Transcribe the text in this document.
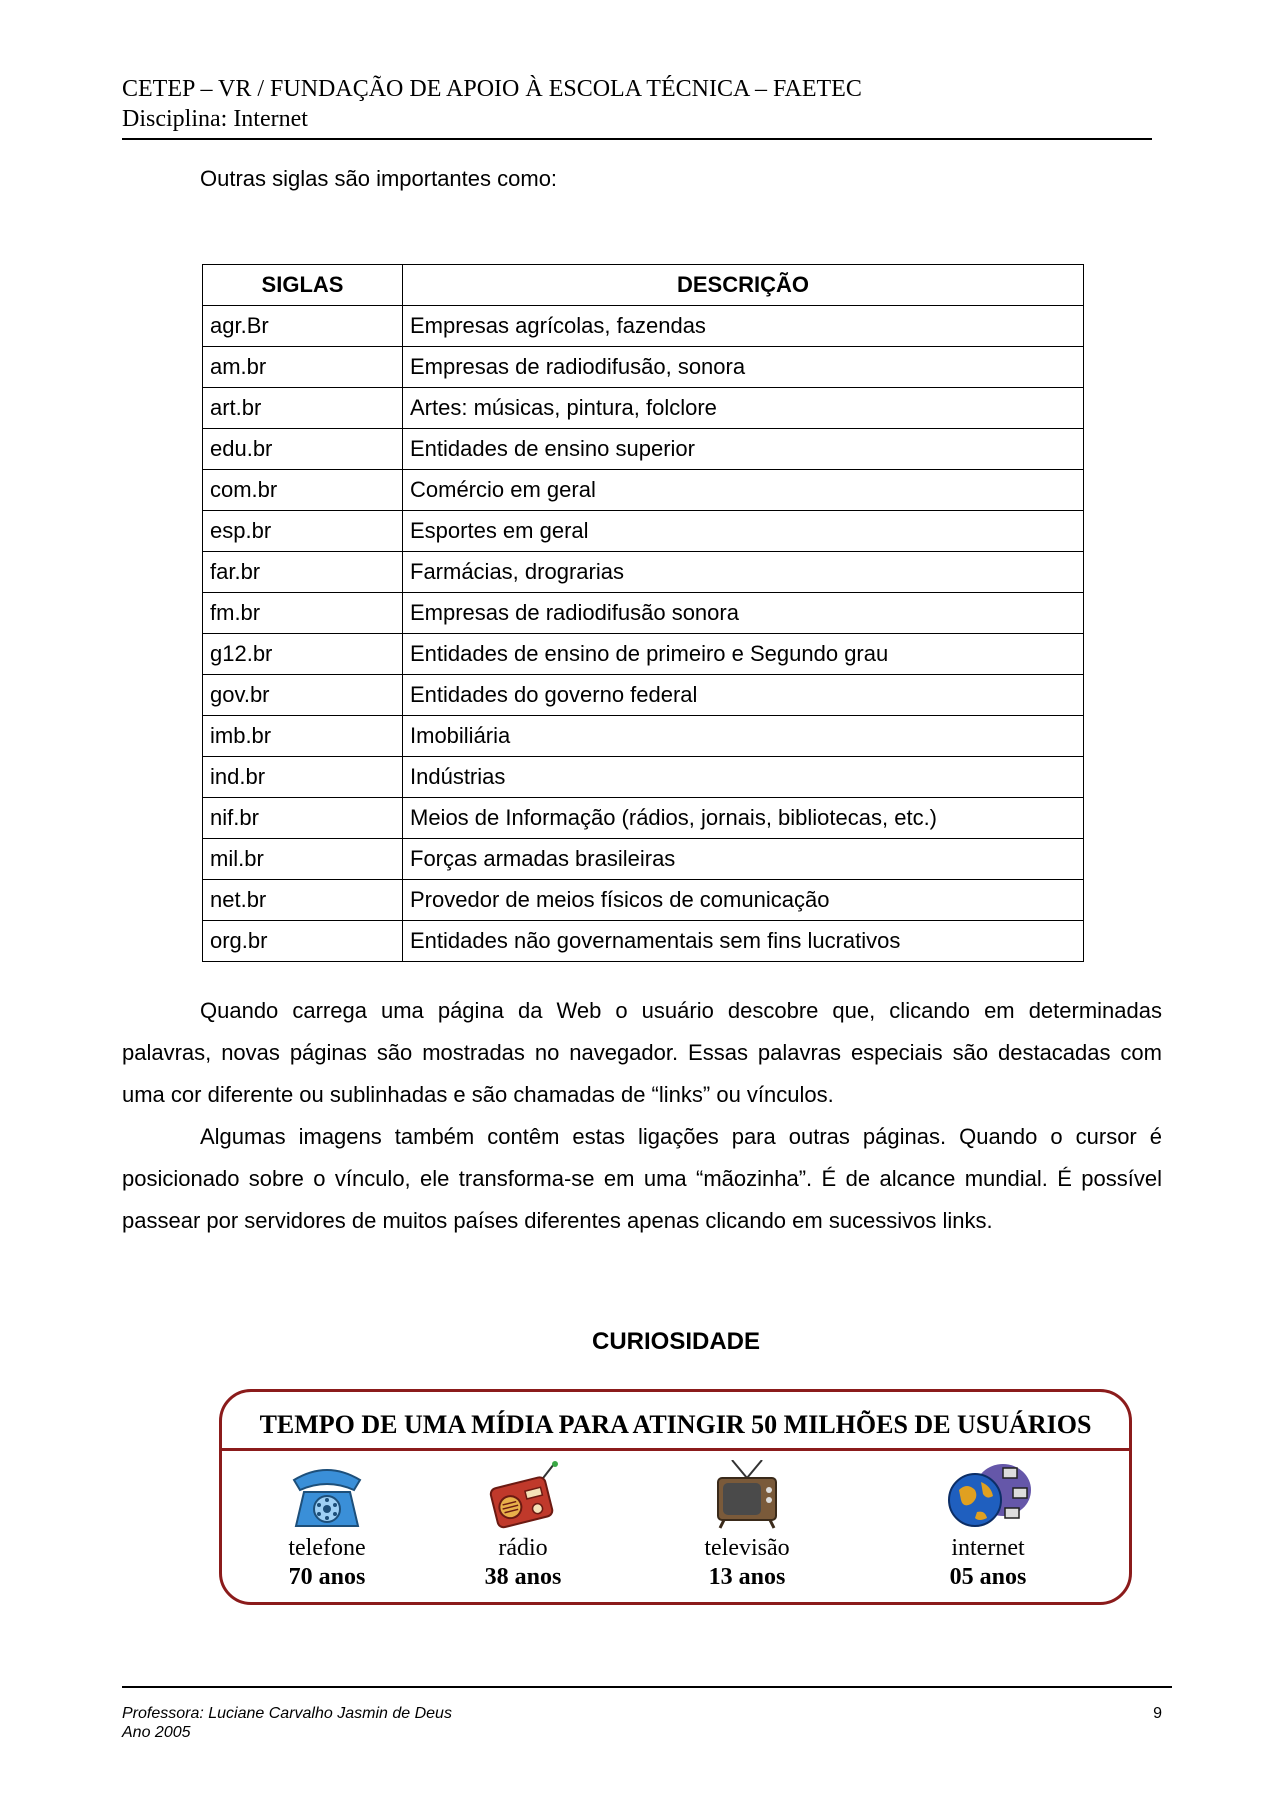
CETEP – VR / FUNDAÇÃO DE APOIO À ESCOLA TÉCNICA – FAETEC
Disciplina: Internet
Outras siglas são importantes como:
SIGLAS	DESCRIÇÃO
agr.Br	Empresas agrícolas, fazendas
am.br	Empresas de radiodifusão, sonora
art.br	Artes: músicas, pintura, folclore
edu.br	Entidades de ensino superior
com.br	Comércio em geral
esp.br	Esportes em geral
far.br	Farmácias, drograrias
fm.br	Empresas de radiodifusão sonora
g12.br	Entidades de ensino de primeiro e Segundo grau
gov.br	Entidades do governo federal
imb.br	Imobiliária
ind.br	Indústrias
nif.br	Meios de Informação (rádios, jornais, bibliotecas, etc.)
mil.br	Forças armadas brasileiras
net.br	Provedor de meios físicos de comunicação
org.br	Entidades não governamentais sem fins lucrativos

Quando carrega uma página da Web o usuário descobre que, clicando em determinadas palavras, novas páginas são mostradas no navegador. Essas palavras especiais são destacadas com uma cor diferente ou sublinhadas e são chamadas de “links” ou vínculos.

Algumas imagens também contêm estas ligações para outras páginas. Quando o cursor é posicionado sobre o vínculo, ele transforma-se em uma “mãozinha”. É de alcance mundial. É possível passear por servidores de muitos países diferentes apenas clicando em sucessivos links.

CURIOSIDADE
TEMPO DE UMA MÍDIA PARA ATINGIR 50 MILHÕES DE USUÁRIOS
telefone
70 anos
rádio
38 anos
televisão
13 anos
internet
05 anos
Professora: Luciane Carvalho Jasmin de Deus
Ano 2005
9
